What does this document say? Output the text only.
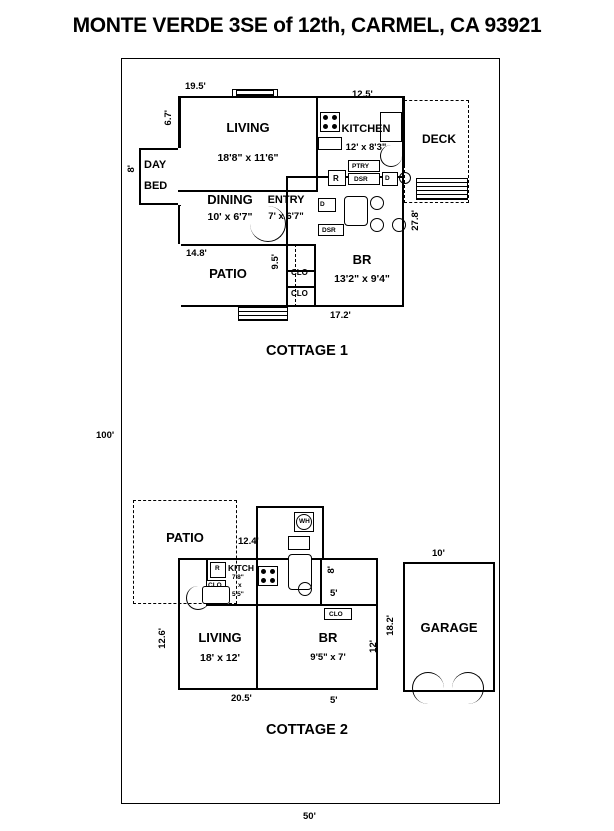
MONTE VERDE 3SE of 12th, CARMEL, CA 93921
100'
50'
R
PTRY
DSR	D
D
DSR
LIVING
18'8" x 11'6"
KITCHEN
12' x 8'3"
DINING
10' x 6'7"
ENTRY
7' x 6'7"
BR
13'2" x 9'4"
DECK
PATIO
DAY
BED
CLO
CLO
19.5'
12.5'
6.7'
8'
14.8'
9.5'
17.2'
27.8'
COTTAGE 1
WH
R
CLO
PATIO
LIVING
18' x 12'
BR
9'5" x 7'
KITCH
7'8"
x
5'5"
GARAGE
12.4'
12.6'
20.5'
8'
5'
5'
12'
10'
18.2'
COTTAGE 2
